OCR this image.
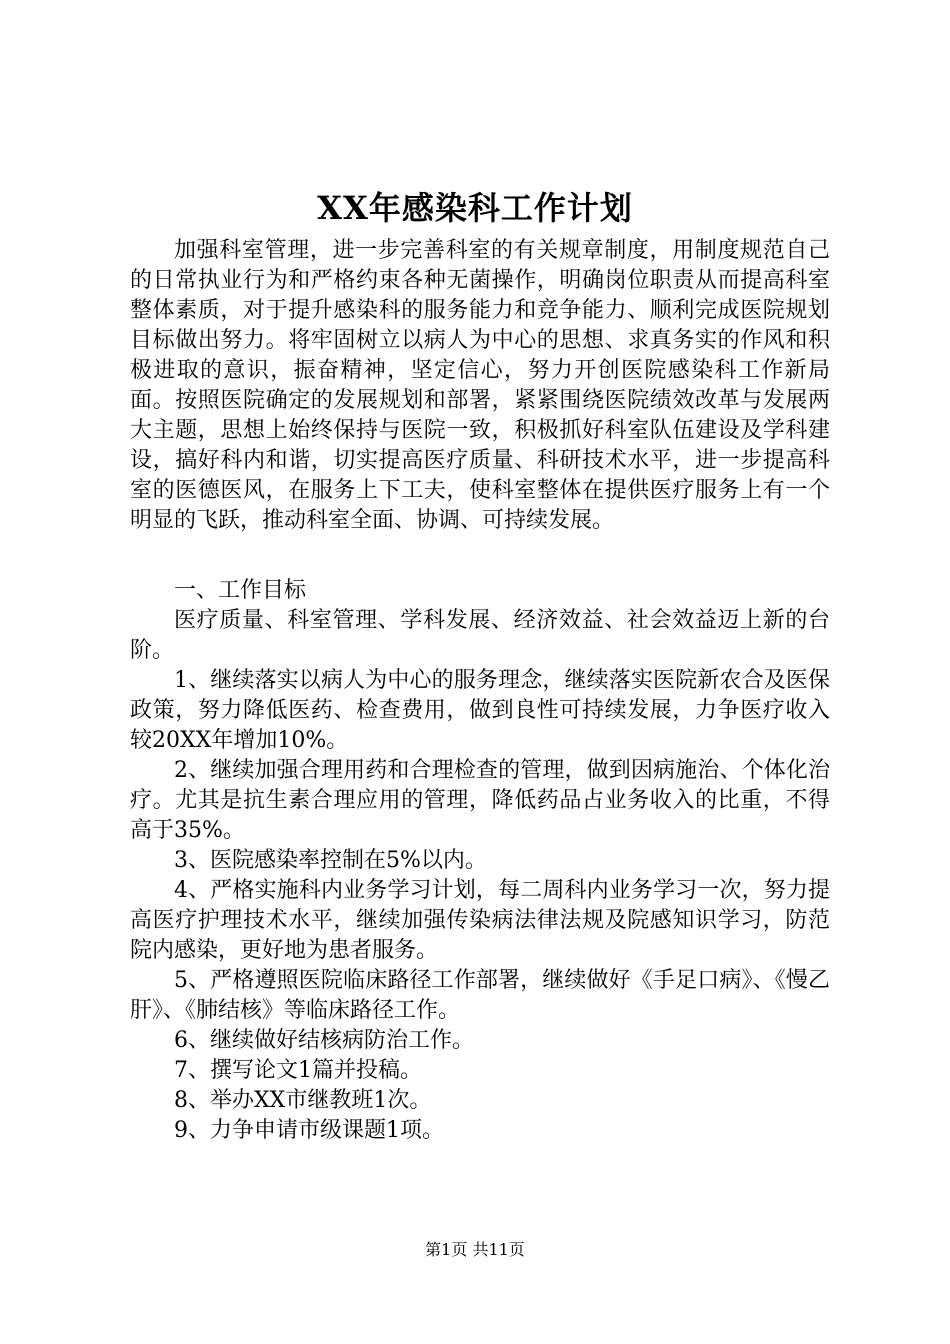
XX年感染科工作计划

加强科室管理，进一步完善科室的有关规章制度，用制度规范自己的日常执业行为和严格约束各种无菌操作，明确岗位职责从而提高科室整体素质，对于提升感染科的服务能力和竞争能力、顺利完成医院规划目标做出努力。将牢固树立以病人为中心的思想、求真务实的作风和积极进取的意识，振奋精神，坚定信心，努力开创医院感染科工作新局面。按照医院确定的发展规划和部署，紧紧围绕医院绩效改革与发展两大主题，思想上始终保持与医院一致，积极抓好科室队伍建设及学科建设，搞好科内和谐，切实提高医疗质量、科研技术水平，进一步提高科室的医德医风，在服务上下工夫，使科室整体在提供医疗服务上有一个明显的飞跃，推动科室全面、协调、可持续发展。

一、工作目标

医疗质量、科室管理、学科发展、经济效益、社会效益迈上新的台阶。

1、继续落实以病人为中心的服务理念，继续落实医院新农合及医保政策，努力降低医药、检查费用，做到良性可持续发展，力争医疗收入较20XX年增加10%。

2、继续加强合理用药和合理检查的管理，做到因病施治、个体化治疗。尤其是抗生素合理应用的管理，降低药品占业务收入的比重，不得高于35%。

3、医院感染率控制在5%以内。

4、严格实施科内业务学习计划，每二周科内业务学习一次，努力提高医疗护理技术水平，继续加强传染病法律法规及院感知识学习，防范院内感染，更好地为患者服务。

5、严格遵照医院临床路径工作部署，继续做好《手足口病》、《慢乙肝》、《肺结核》等临床路径工作。

6、继续做好结核病防治工作。

7、撰写论文1篇并投稿。

8、举办XX市继教班1次。

9、力争申请市级课题1项。

第1页 共11页
